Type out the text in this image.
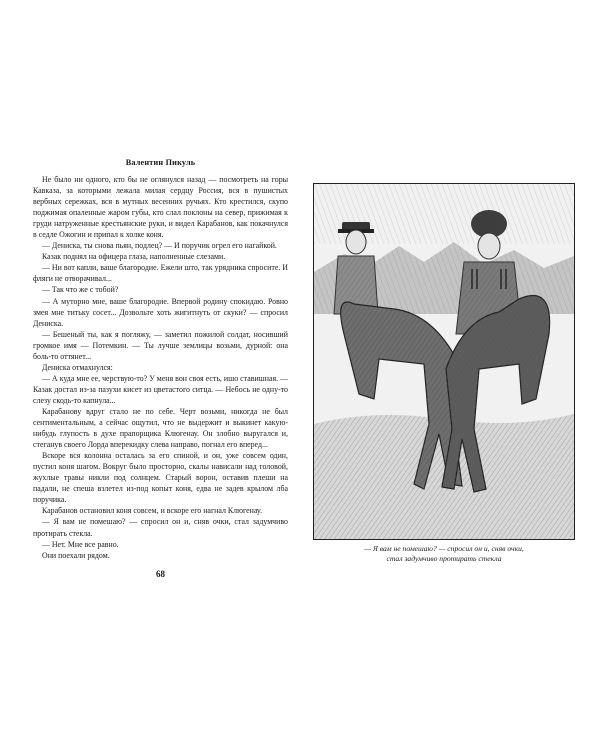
Валентин Пикуль

Не было ни одного, кто бы не оглянулся назад — посмотреть на горы Кавказа, за которыми лежала милая сердцу Россия, вся в пушистых вербных сережках, вся в мутных весенних ручьях. Кто крестился, скупо поджимая опаленные жаром губы, кто слал поклоны на север, прижимая к груди натруженные крестьянские руки, и видел Карабанов, как покачнулся в седле Ожогин и припал к холке коня.

— Дениска, ты снова пьян, подлец? — И поручик огрел его нагайкой.

Казак поднял на офицера глаза, наполненные слезами.

— Ни вот капли, ваше благородие. Ежели што, так урядника спросите. И фляги не отворачивал...

— Так что же с тобой?

— А муторно мне, ваше благородие. Впервой родину спокидаю. Ровно змея мне титьку сосет... Дозвольте хоть жигитнуть от скуки? — спросил Дениска.

— Бешеный ты, как я погляжу, — заметил пожилой солдат, носивший громкое имя — Потемкин. — Ты лучше землицы возьми, дурной: она боль-то оттянет...

Дениска отмахнулся:

— А куда мне ее, черствую-то? У меня вон своя есть, ишо ставишная. — Казак достал из-за пазухи кисет из цветастого ситца. — Небось не одну-то слезу скодь-то капнула...

Карабанову вдруг стало не по себе. Черт возьми, никогда не был сентиментальным, а сейчас ощутил, что не выдержит и выкинет какую-нибудь глупость в духе прапорщика Клюгенау. Он злобно выругался и, стеганув своего Лорда вперекидку слева направо, погнал его вперед...

Вскоре вся колонна осталась за его спиной, и он, уже совсем один, пустил коня шагом. Вокруг было просторно, скалы нависали над головой, жухлые травы никли под солнцем. Старый ворон, оставив плеши на падали, не спеша взлетел из-под копыт коня, едва не задев крылом лба поручика.

Карабанов остановил коня совсем, и вскоре его нагнал Клюгенау.

— Я вам не помешаю? — спросил он и, сняв очки, стал задумчиво протирать стекла.

— Нет. Мне все равно.

Они поехали рядом.

68
— Я вам не помешаю? — спросил он и, сняв очки,
стал задумчиво протирать стекла
